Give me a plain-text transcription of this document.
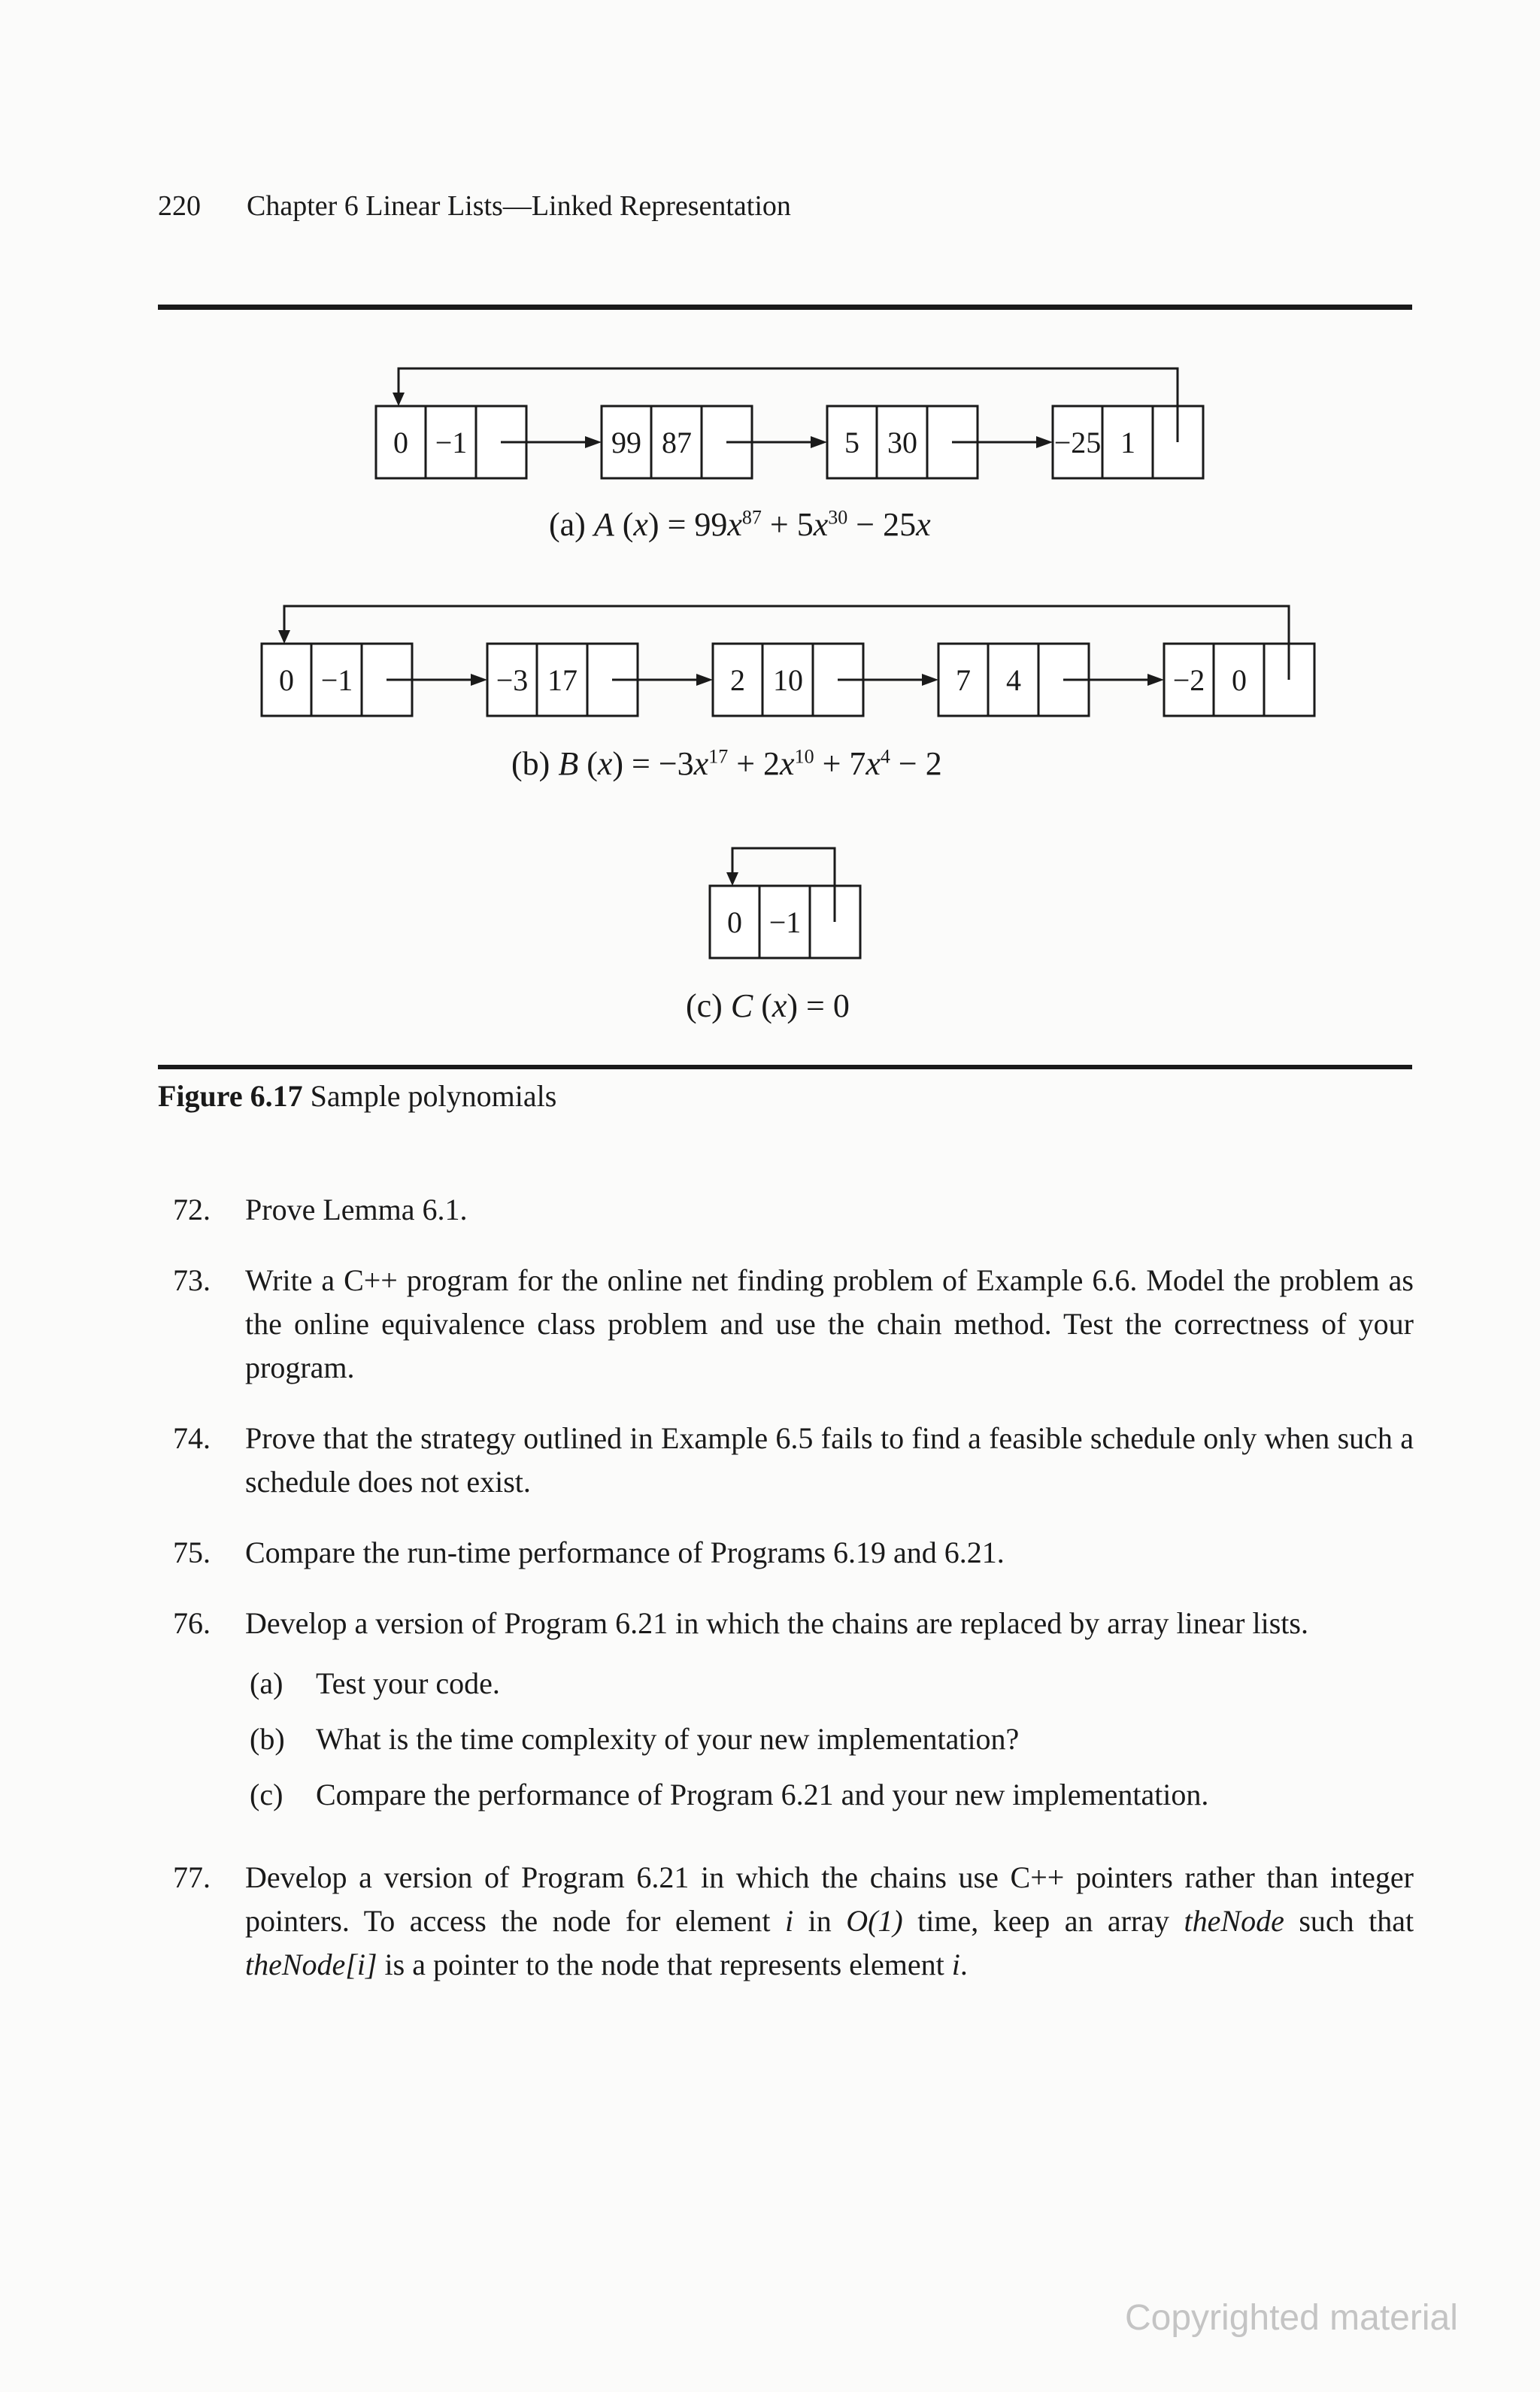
220 Chapter 6 Linear Lists—Linked Representation
0 −1	99 87	5 30	−25 1
0 −1	−3 17	2 10	7 4	−2 0
0 −1
(a) A $(x) = 99x^{87} + 5x^{30} - 25x$
(b) B $(x) = -3x^{17} + 2x^{10} + 7x^4 - 2$
(c) C (x) = 0
Figure 6.17 Sample polynomials
72.	Prove Lemma 6.1.
73.	Write a C++ program for the online net finding problem of Example 6.6. Model the problem as the online equivalence class problem and use the chain method. Test the correctness of your program.
74.	Prove that the strategy outlined in Example 6.5 fails to find a feasible schedule only when such a schedule does not exist.
75.	Compare the run-time performance of Programs 6.19 and 6.21.
76.	Develop a version of Program 6.21 in which the chains are replaced by array linear lists.
(a)	Test your code.
(b)	What is the time complexity of your new implementation?
(c)	Compare the performance of Program 6.21 and your new implementation.
77.	Develop a version of Program 6.21 in which the chains use C++ pointers rather than integer pointers. To access the node for element i in O(1) time, keep an array theNode such that theNode[i] is a pointer to the node that represents element i.
Copyrighted material
